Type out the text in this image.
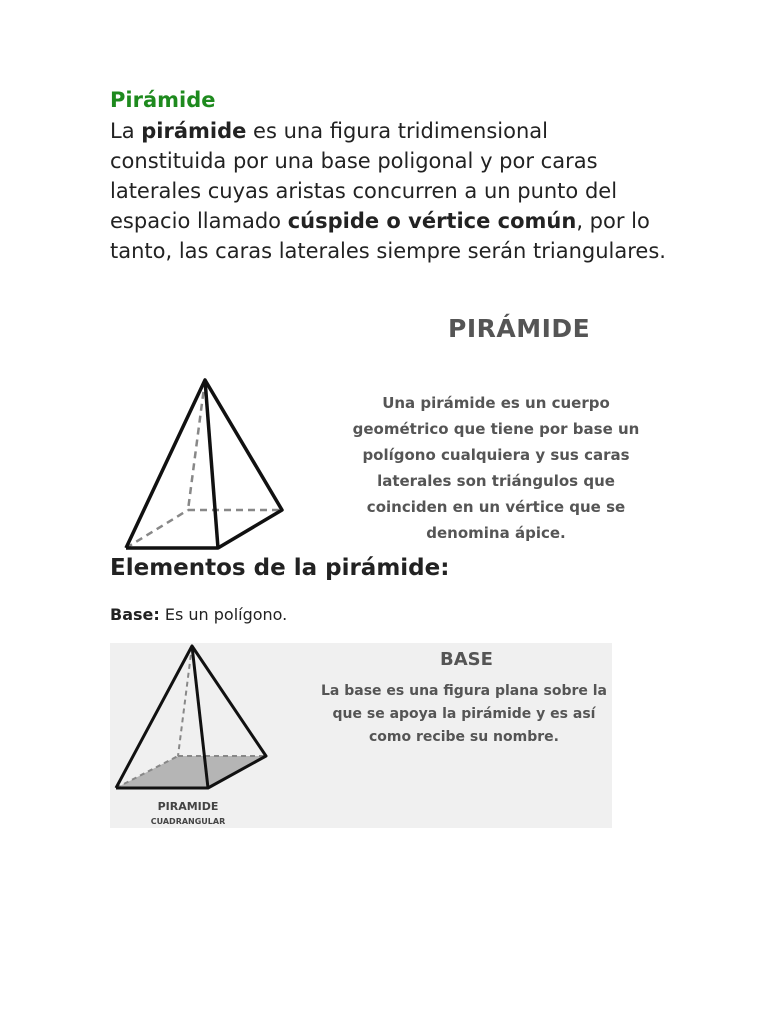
Pirámide
La pirámide es una figura tridimensional constituida por una base poligonal y por caras laterales cuyas aristas concurren a un punto del espacio llamado cúspide o vértice común, por lo tanto, las caras laterales siempre serán triangulares.
PIRÁMIDE
Una pirámide es un cuerpo geométrico que tiene por base un polígono cualquiera y sus caras laterales son triángulos que coinciden en un vértice que se denomina ápice.
Elementos de la pirámide:
Base: Es un polígono.
BASE
La base es una figura plana sobre la que se apoya la pirámide y es así como recibe su nombre.
PIRAMIDE
CUADRANGULAR
